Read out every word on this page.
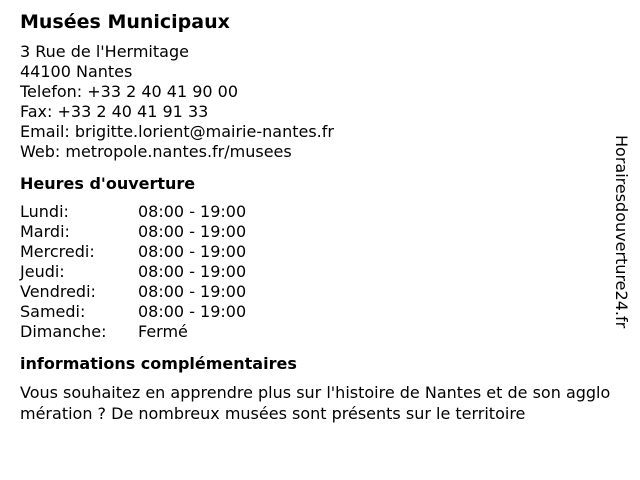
Musées Municipaux
3 Rue de l'Hermitage
44100 Nantes
Telefon: +33 2 40 41 90 00
Fax: +33 2 40 41 91 33
Email: brigitte.lorient@mairie-nantes.fr
Web: metropole.nantes.fr/musees
Heures d'ouverture
Lundi:	08:00 - 19:00
Mardi:	08:00 - 19:00
Mercredi:	08:00 - 19:00
Jeudi:	08:00 - 19:00
Vendredi:	08:00 - 19:00
Samedi:	08:00 - 19:00
Dimanche:	Fermé
informations complémentaires
Vous souhaitez en apprendre plus sur l'histoire de Nantes et de son agglomération ? De nombreux musées sont présents sur le territoire
Horairesdouverture24.fr
